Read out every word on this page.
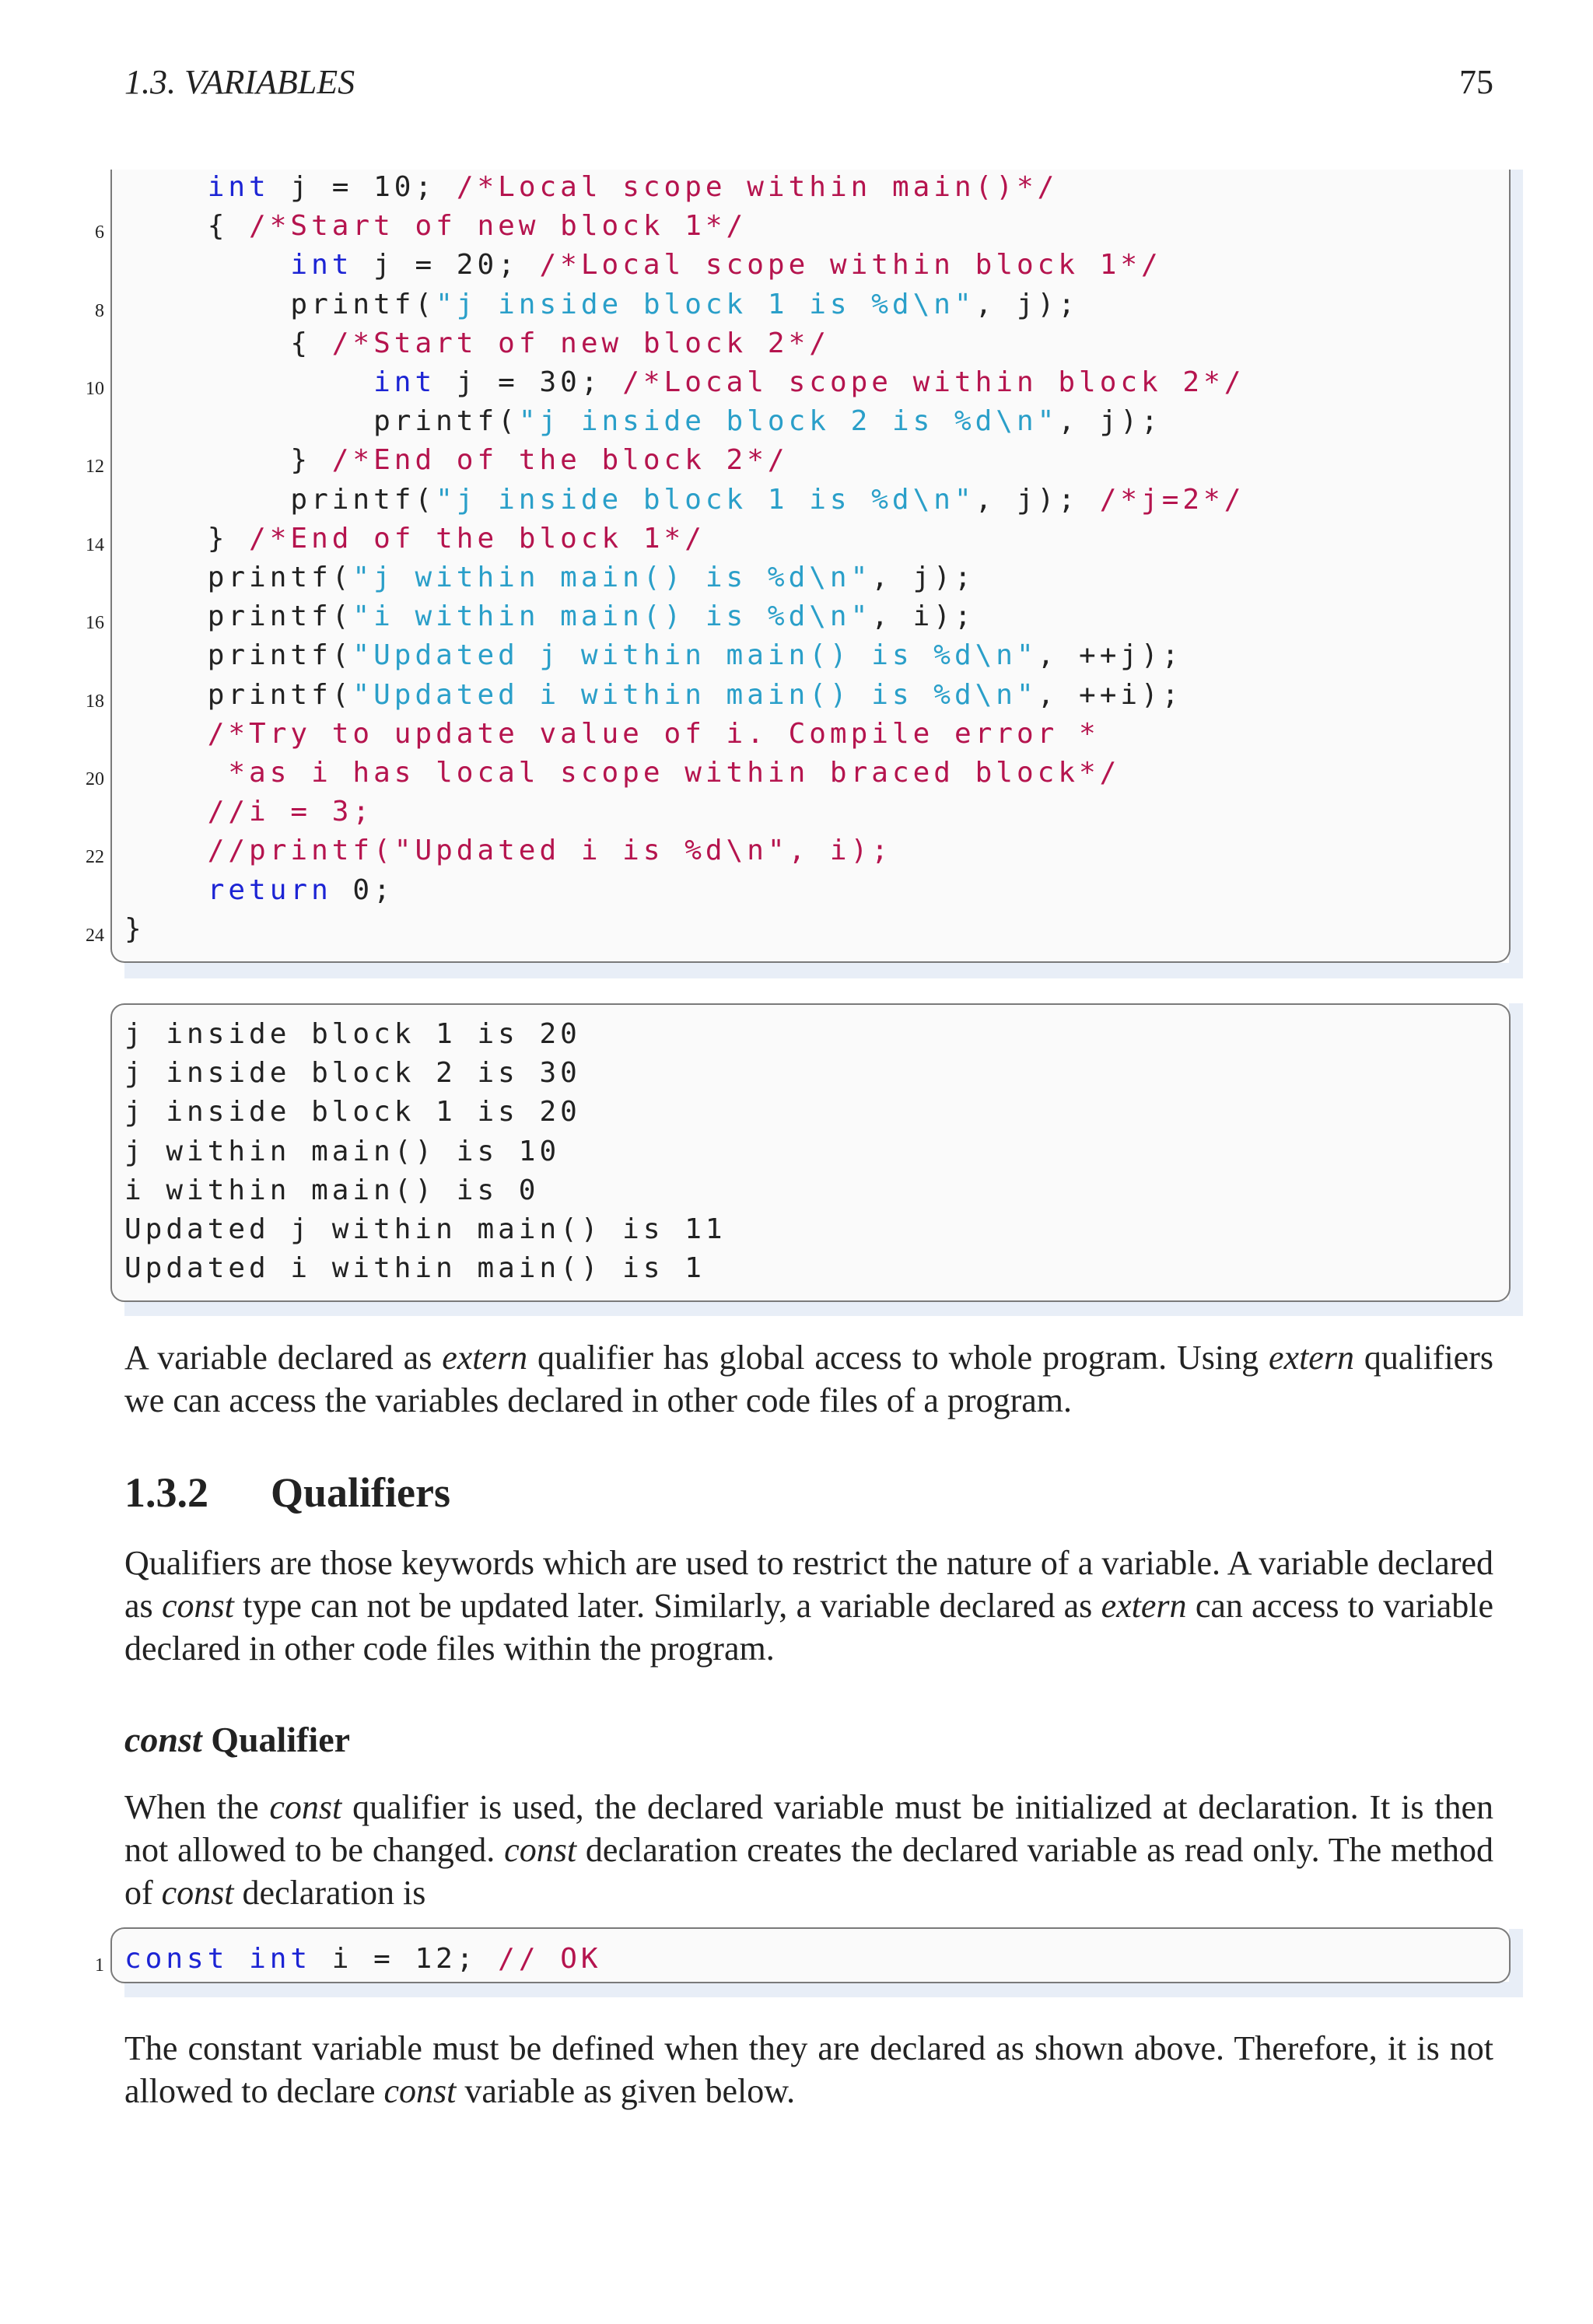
1.3. VARIABLES	75
int j = 10; /*Local scope within main()*/
{ /*Start of new block 1*/
6
int j = 20; /*Local scope within block 1*/
printf("j inside block 1 is %d\n", j);
8
{ /*Start of new block 2*/
int j = 30; /*Local scope within block 2*/
10
printf("j inside block 2 is %d\n", j);
} /*End of the block 2*/
12
printf("j inside block 1 is %d\n", j); /*j=2*/
} /*End of the block 1*/
14
printf("j within main() is %d\n", j);
printf("i within main() is %d\n", i);
16
printf("Updated j within main() is %d\n", ++j);
printf("Updated i within main() is %d\n", ++i);
18
/*Try to update value of i. Compile error *
*as i has local scope within braced block*/
20
//i = 3;
//printf("Updated i is %d\n", i);
22
return 0;
}
24
j inside block 1 is 20
j inside block 2 is 30
j inside block 1 is 20
j within main() is 10
i within main() is 0
Updated j within main() is 11
Updated i within main() is 1
A variable declared as extern qualifier has global access to whole program. Using extern qualifiers we can access the variables declared in other code files of a program.
1.3.2 Qualifiers
Qualifiers are those keywords which are used to restrict the nature of a variable. A variable declared as const type can not be updated later. Similarly, a variable declared as extern can access to variable declared in other code files within the program.
const Qualifier
When the const qualifier is used, the declared variable must be initialized at declaration. It is then not allowed to be changed. const declaration creates the declared variable as read only. The method of const declaration is
const int i = 12; // OK
1
The constant variable must be defined when they are declared as shown above. Therefore, it is not allowed to declare const variable as given below.
